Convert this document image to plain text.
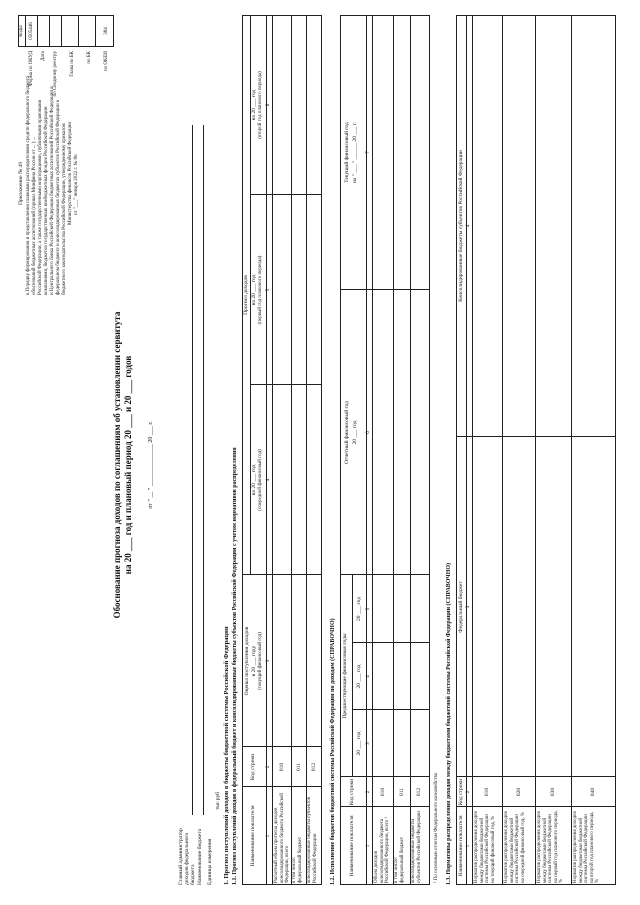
Приложение № 49 к Порядку формирования и представления главными распорядителями средств федерального бюджета обоснований бюджетных ассигнований (приказ Минфина России от ... ) ... Российской Федерации, а также государственными корпорациями, публичными правовыми компаниями, бюджетов государственных внебюджетных фондов Российской Федерации и Центрального банка Российской Федерации бюджетных ассигнований Российской Федерации в федеральном бюджете и консолидированных бюджетах субъектов Российской Федерации к бюджетного законодательства Российской Федерации, утвержденному приказом Министерства финансов Российской Федерации от "___" января 2022 г. № 8н
Коды
Форма по ОКУД
0505446
Дата по Сводному реестру Глава по БК по БК по ОКЕИ
384
Обоснование прогноза доходов по соглашениям об установлении сервитута на 20 ___ год и плановый период 20 ___ и 20 ___ годов	от " __ " ______________ 20 ___ г.
Главный администратор доходов федерального бюджета Наименование бюджета Единица измерения
тыс руб 1. Прогноз поступлений доходов в бюджеты бюджетной системы Российской Федерации 1.1. Прогноз поступлений доходов в федеральный бюджет и консолидированные бюджеты субъектов Российской Федерации с учетом нормативов распределения Наименование показателя
Код строки
Оценка поступления доходов в 20 ___ году (текущий финансовый год)
Прогноз доходов
на 20 ___ год (очередной финансовый год)
на 20 ___ год (первый год планового периода)
на 20 ___ год (второй год планового периода)
1
2
3
4
5
6
Расчетный объем прогноза доходов консолидированного бюджета Российской Федерации, всего
010
в том числе:
федеральный бюджет
011
консолидированные бюджеты субъектов Российской Федерации
012 1.2. Исполнение бюджетов бюджетной системы Российской Федерации по доходам (СПРАВОЧНО) Наименование показателя
Код строки
Предшествующие финансовые годы
20 ___ год
20 ___ год
20 ___ год
Отчетный финансовый год 20 ___ год
Текущий финансовый год на " ___ " ______ 20 ___ г.
1
2
3
4
5
6
7
Объем доходов консолидированного бюджета Российской Федерации, всего ¹
010
в том числе:
федеральный бюджет
011
консолидированные бюджеты субъектов Российской Федерации
012 ¹ По основным отчетам Федерального казначейства 1.3. Нормативы распределения доходов между бюджетами бюджетной системы Российской Федерации (СПРАВОЧНО) Наименование показателя
Код строки
Федеральный бюджет
Консолидированные бюджеты субъектов Российской Федерации
1
2
3
4
Норматив распределения доходов между бюджетами бюджетной системы Российской Федерации на текущий финансовый год, %
010
Норматив распределения доходов между бюджетами бюджетной системы Российской Федерации на очередной финансовый год, %
020
Норматив распределения доходов между бюджетами бюджетной системы Российской Федерации на первый год планового периода, %
030
Норматив распределения доходов между бюджетами бюджетной системы Российской Федерации на второй год планового периода, %
040
